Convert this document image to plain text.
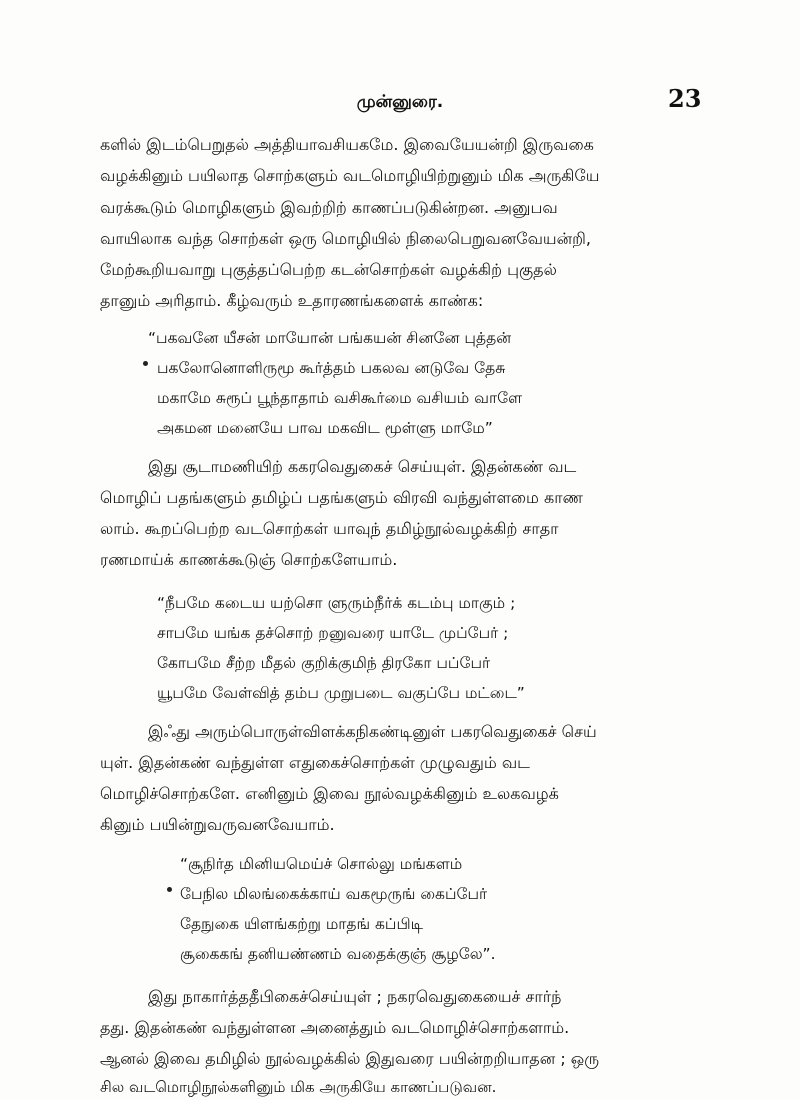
முன்னுரை.	23
களில் இடம்பெறுதல் அத்தியாவசியகமே. இவையேயன்றி இருவகை
வழக்கினும் பயிலாத சொற்களும் வடமொழியிற்றுனும் மிக அருகியே
வரக்கூடும் மொழிகளும் இவற்றிற் காணப்படுகின்றன. அனுபவ
வாயிலாக வந்த சொற்கள் ஒரு மொழியில் நிலைபெறுவனவேயன்றி,
மேற்கூறியவாறு புகுத்தப்பெற்ற கடன்சொற்கள் வழக்கிற் புகுதல்
தானும் அரிதாம். கீழ்வரும் உதாரணங்களைக் காண்க:
“பகவனே யீசன் மாயோன் பங்கயன் சினனே புத்தன்
பகலோனொளிருமூ கூர்த்தம் பகலவ னடுவே தேசு
மகாமே சுரூப் பூந்தாதாம் வசிகூர்மை வசியம் வாளே
அகமன மனையே பாவ மகவிட மூள்ளு மாமே”
இது சூடாமணியிற் ககரவெதுகைச் செய்யுள். இதன்கண் வட
மொழிப் பதங்களும் தமிழ்ப் பதங்களும் விரவி வந்துள்ளமை காண
லாம். கூறப்பெற்ற வடசொற்கள் யாவுந் தமிழ்நூல்வழக்கிற் சாதா
ரணமாய்க் காணக்கூடுஞ் சொற்களேயாம்.
“நீபமே கடைய யற்சொ ளுரும்நீர்க் கடம்பு மாகும் ;
சாபமே யங்க தச்சொற் றனுவரை யாடே முப்பேர் ;
கோபமே சீற்ற மீதல் குறிக்குமிந் திரகோ பப்பேர்
யூபமே வேள்வித் தம்ப முறுபடை வகுப்பே மட்டை”
இஃது அரும்பொருள்விளக்கநிகண்டினுள் பகரவெதுகைச் செய்
யுள். இதன்கண் வந்துள்ள எதுகைச்சொற்கள் முழுவதும் வட
மொழிச்சொற்களே. எனினும் இவை நூல்வழக்கினும் உலகவழக்
கினும் பயின்றுவருவனவேயாம்.
“சூநிர்த மினியமெய்ச் சொல்லு மங்களம்
பேநில மிலங்கைக்காய் வகமூருங் கைப்பேர்
தேநுகை யிளங்கற்று மாதங் கப்பிடி
சூகைகங் தனியண்ணம் வதைக்குஞ் சூழலே”.
இது நாகார்த்ததீபிகைச்செய்யுள் ; நகரவெதுகையைச் சார்ந்
தது. இதன்கண் வந்துள்ளன அனைத்தும் வடமொழிச்சொற்களாம்.
ஆனல் இவை தமிழில் நூல்வழக்கில் இதுவரை பயின்றறியாதன ; ஒரு
சில வடமொழிநூல்களினும் மிக அருகியே காணப்படுவன.
